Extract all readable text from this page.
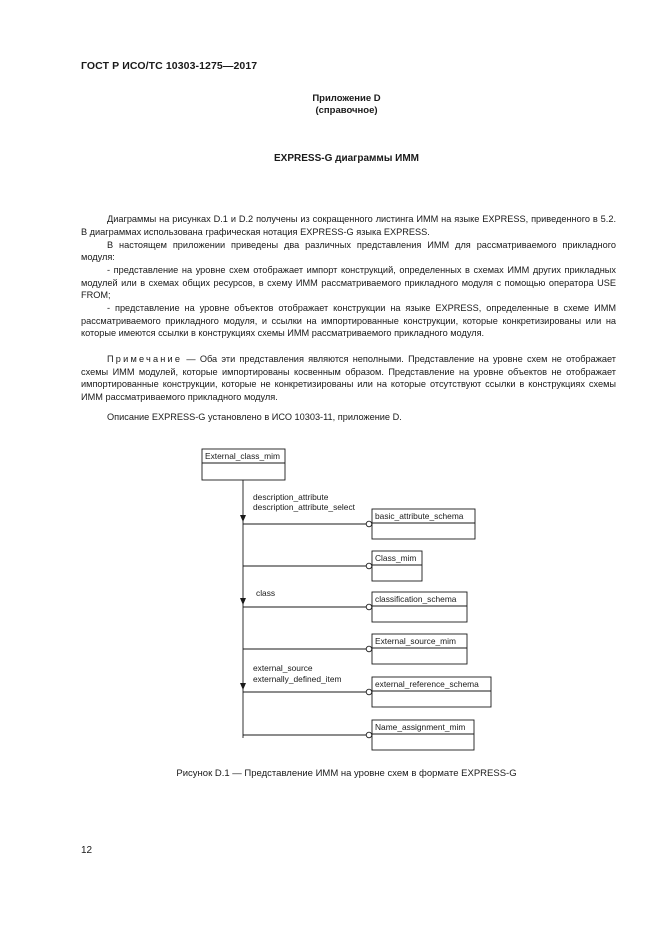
ГОСТ Р ИСО/ТС 10303-1275—2017
Приложение D
(справочное)
EXPRESS-G диаграммы ИММ

Диаграммы на рисунках D.1 и D.2 получены из сокращенного листинга ИММ на языке EXPRESS, приведенного в 5.2. В диаграммах использована графическая нотация EXPRESS-G языка EXPRESS.

В настоящем приложении приведены два различных представления ИММ для рассматриваемого прикладного модуля:

- представление на уровне схем отображает импорт конструкций, определенных в схемах ИММ других прикладных модулей или в схемах общих ресурсов, в схему ИММ рассматриваемого прикладного модуля с помощью оператора USE FROM;

- представление на уровне объектов отображает конструкции на языке EXPRESS, определенные в схеме ИММ рассматриваемого прикладного модуля, и ссылки на импортированные конструкции, которые конкретизированы или на которые имеются ссылки в конструкциях схемы ИММ рассматриваемого прикладного модуля.

Примечание — Оба эти представления являются неполными. Представление на уровне схем не отображает схемы ИММ модулей, которые импортированы косвенным образом. Представление на уровне объектов не отображает импортированные конструкции, которые не конкретизированы или на которые отсутствуют ссылки в конструкциях схемы ИММ рассматриваемого прикладного модуля.

Описание EXPRESS-G установлено в ИСО 10303-11, приложение D.

External_class_mim
description_attribute
description_attribute_select
class
external_source
externally_defined_item
basic_attribute_schema
Class_mim
classification_schema
External_source_mim
external_reference_schema
Name_assignment_mim
Рисунок D.1 — Представление ИММ на уровне схем в формате EXPRESS-G
12
